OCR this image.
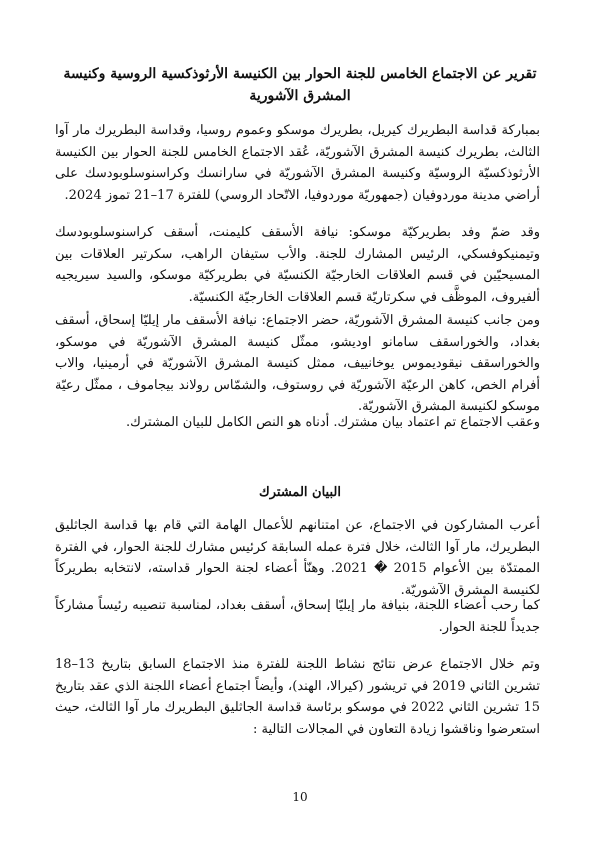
تقرير عن الاجتماع الخامس للجنة الحوار بين الكنيسة الأرثوذكسية الروسية وكنيسة المشرق الآشورية
بمباركة قداسة البطريرك كيريل، بطريرك موسكو وعموم روسيا، وقداسة البطريرك مار آوا الثالث، بطريرك كنيسة المشرق الآشوريّة، عُقد الاجتماع الخامس للجنة الحوار بين الكنيسة الأرثوذكسيّة الروسيّة وكنيسة المشرق الآشوريّة في سارانسك وكراسنوسلوبودسك على أراضي مدينة موردوفيان (جمهوريّة موردوفيا، الاتّحاد الروسي) للفترة 17–21 تموز 2024.
وقد ضمّ وفد بطريركيّة موسكو: نيافة الأسقف كليمنت، أسقف كراسنوسلوبودسك وتيمنيكوفسكي، الرئيس المشارك للجنة. والأب ستيفان الراهب، سكرتير العلاقات بين المسيحيّين في قسم العلاقات الخارجيّة الكنسيّة في بطريركيّة موسكو، والسيد سيريجيه ألفيروف، الموظَّف في سكرتاريّة قسم العلاقات الخارجيّة الكنسيّة.
ومن جانب كنيسة المشرق الآشوريّة، حضر الاجتماع: نيافة الأسقف مار إيليّا إسحاق، أسقف بغداد، والخوراسقف سامانو اوديشو، ممثّل كنيسة المشرق الآشوريّة في موسكو، والخوراسقف نيقوديموس يوخانييف، ممثل كنيسة المشرق الآشوريّة في أرمينيا، والاب أفرام الخص، كاهن الرعيّة الآشوريّة في روستوف، والشمّاس رولاند بيجاموف ، ممثّل رعيّة موسكو لكنيسة المشرق الآشوريّة.
وعقب الاجتماع تم اعتماد بيان مشترك. أدناه هو النص الكامل للبيان المشترك.
البيان المشترك
أعرب المشاركون في الاجتماع، عن امتنانهم للأعمال الهامة التي قام بها قداسة الجاثليق البطريرك، مار آوا الثالث، خلال فترة عمله السابقة كرئيس مشارك للجنة الحوار، في الفترة الممتدّة بين الأعوام 2015 � 2021. وهنّأ أعضاء لجنة الحوار قداسته، لانتخابه بطريركاً لكنيسة المشرق الآشوريّة.
كما رحب أعضاء اللجنة، بنيافة مار إيليّا إسحاق، أسقف بغداد، لمناسبة تنصيبه رئيساً مشاركاً جديداً للجنة الحوار.
وتم خلال الاجتماع عرض نتائج نشاط اللجنة للفترة منذ الاجتماع السابق بتاريخ 13–18 تشرين الثاني 2019 في تريشور (كيرالا، الهند)، وأيضاً اجتماع أعضاء اللجنة الذي عقد بتاريخ 15 تشرين الثاني 2022 في موسكو برئاسة قداسة الجاثليق البطريرك مار آوا الثالث، حيث استعرضوا وناقشوا زيادة التعاون في المجالات التالية :
10
